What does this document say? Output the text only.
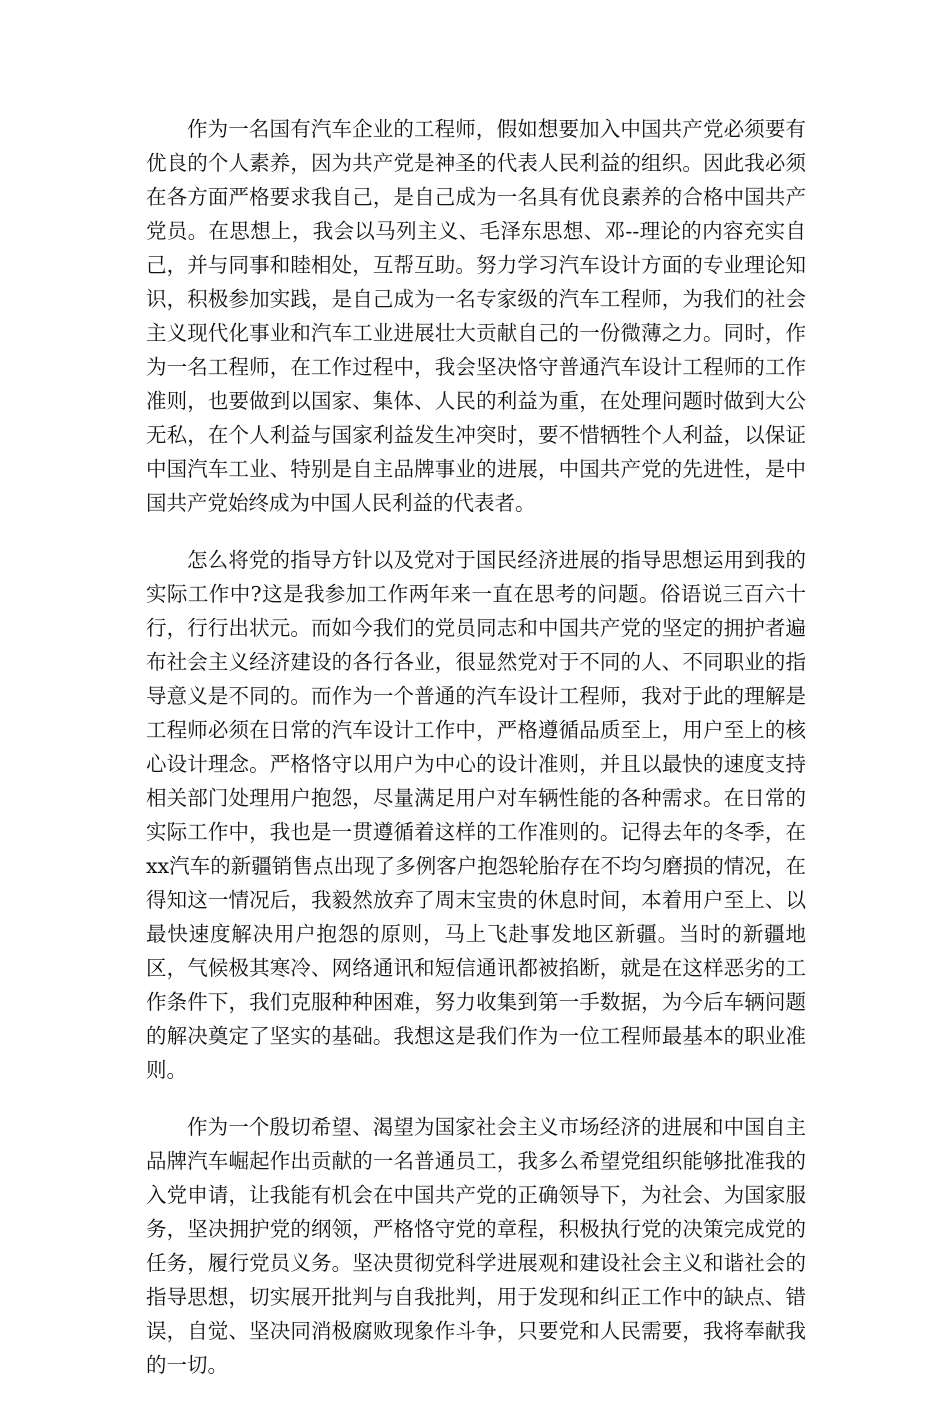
作为一名国有汽车企业的工程师，假如想要加入中国共产党必须要有优良的个人素养，因为共产党是神圣的代表人民利益的组织。因此我必须在各方面严格要求我自己，是自己成为一名具有优良素养的合格中国共产党员。在思想上，我会以马列主义、毛泽东思想、邓--理论的内容充实自己，并与同事和睦相处，互帮互助。努力学习汽车设计方面的专业理论知识，积极参加实践，是自己成为一名专家级的汽车工程师，为我们的社会主义现代化事业和汽车工业进展壮大贡献自己的一份微薄之力。同时，作为一名工程师，在工作过程中，我会坚决恪守普通汽车设计工程师的工作准则，也要做到以国家、集体、人民的利益为重，在处理问题时做到大公无私，在个人利益与国家利益发生冲突时，要不惜牺牲个人利益，以保证中国汽车工业、特别是自主品牌事业的进展，中国共产党的先进性，是中国共产党始终成为中国人民利益的代表者。

怎么将党的指导方针以及党对于国民经济进展的指导思想运用到我的实际工作中?这是我参加工作两年来一直在思考的问题。俗语说三百六十行，行行出状元。而如今我们的党员同志和中国共产党的坚定的拥护者遍布社会主义经济建设的各行各业，很显然党对于不同的人、不同职业的指导意义是不同的。而作为一个普通的汽车设计工程师，我对于此的理解是工程师必须在日常的汽车设计工作中，严格遵循品质至上，用户至上的核心设计理念。严格恪守以用户为中心的设计准则，并且以最快的速度支持相关部门处理用户抱怨，尽量满足用户对车辆性能的各种需求。在日常的实际工作中，我也是一贯遵循着这样的工作准则的。记得去年的冬季，在xx汽车的新疆销售点出现了多例客户抱怨轮胎存在不均匀磨损的情况，在得知这一情况后，我毅然放弃了周末宝贵的休息时间，本着用户至上、以最快速度解决用户抱怨的原则，马上飞赴事发地区新疆。当时的新疆地区，气候极其寒冷、网络通讯和短信通讯都被掐断，就是在这样恶劣的工作条件下，我们克服种种困难，努力收集到第一手数据，为今后车辆问题的解决奠定了坚实的基础。我想这是我们作为一位工程师最基本的职业准则。

作为一个殷切希望、渴望为国家社会主义市场经济的进展和中国自主品牌汽车崛起作出贡献的一名普通员工，我多么希望党组织能够批准我的入党申请，让我能有机会在中国共产党的正确领导下，为社会、为国家服务，坚决拥护党的纲领，严格恪守党的章程，积极执行党的决策完成党的任务，履行党员义务。坚决贯彻党科学进展观和建设社会主义和谐社会的指导思想，切实展开批判与自我批判，用于发现和纠正工作中的缺点、错误，自觉、坚决同消极腐败现象作斗争，只要党和人民需要，我将奉献我的一切。
